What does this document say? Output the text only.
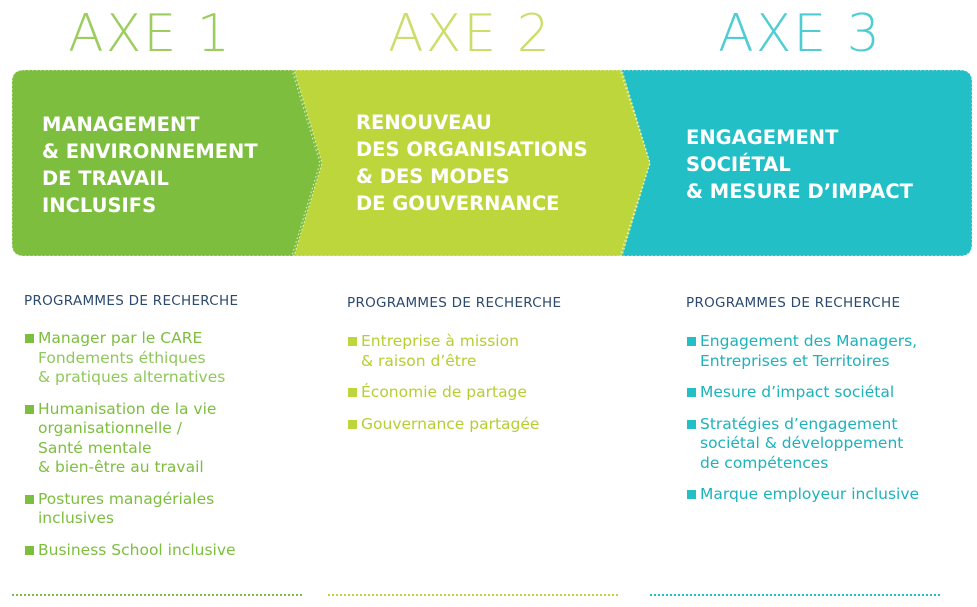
AXE 1	AXE 2	AXE 3
MANAGEMENT
& ENVIRONNEMENT
DE TRAVAIL
INCLUSIFS
RENOUVEAU
DES ORGANISATIONS
& DES MODES
DE GOUVERNANCE
ENGAGEMENT
SOCIÉTAL
& MESURE D’IMPACT
PROGRAMMES DE RECHERCHE
Manager par le CARE
Fondements éthiques
& pratiques alternatives
Humanisation de la vie
organisationnelle /
Santé mentale
& bien-être au travail
Postures managériales
inclusives
Business School inclusive
PROGRAMMES DE RECHERCHE
Entreprise à mission
& raison d’être
Économie de partage
Gouvernance partagée
PROGRAMMES DE RECHERCHE
Engagement des Managers,
Entreprises et Territoires
Mesure d’impact sociétal
Stratégies d’engagement
sociétal & développement
de compétences
Marque employeur inclusive
